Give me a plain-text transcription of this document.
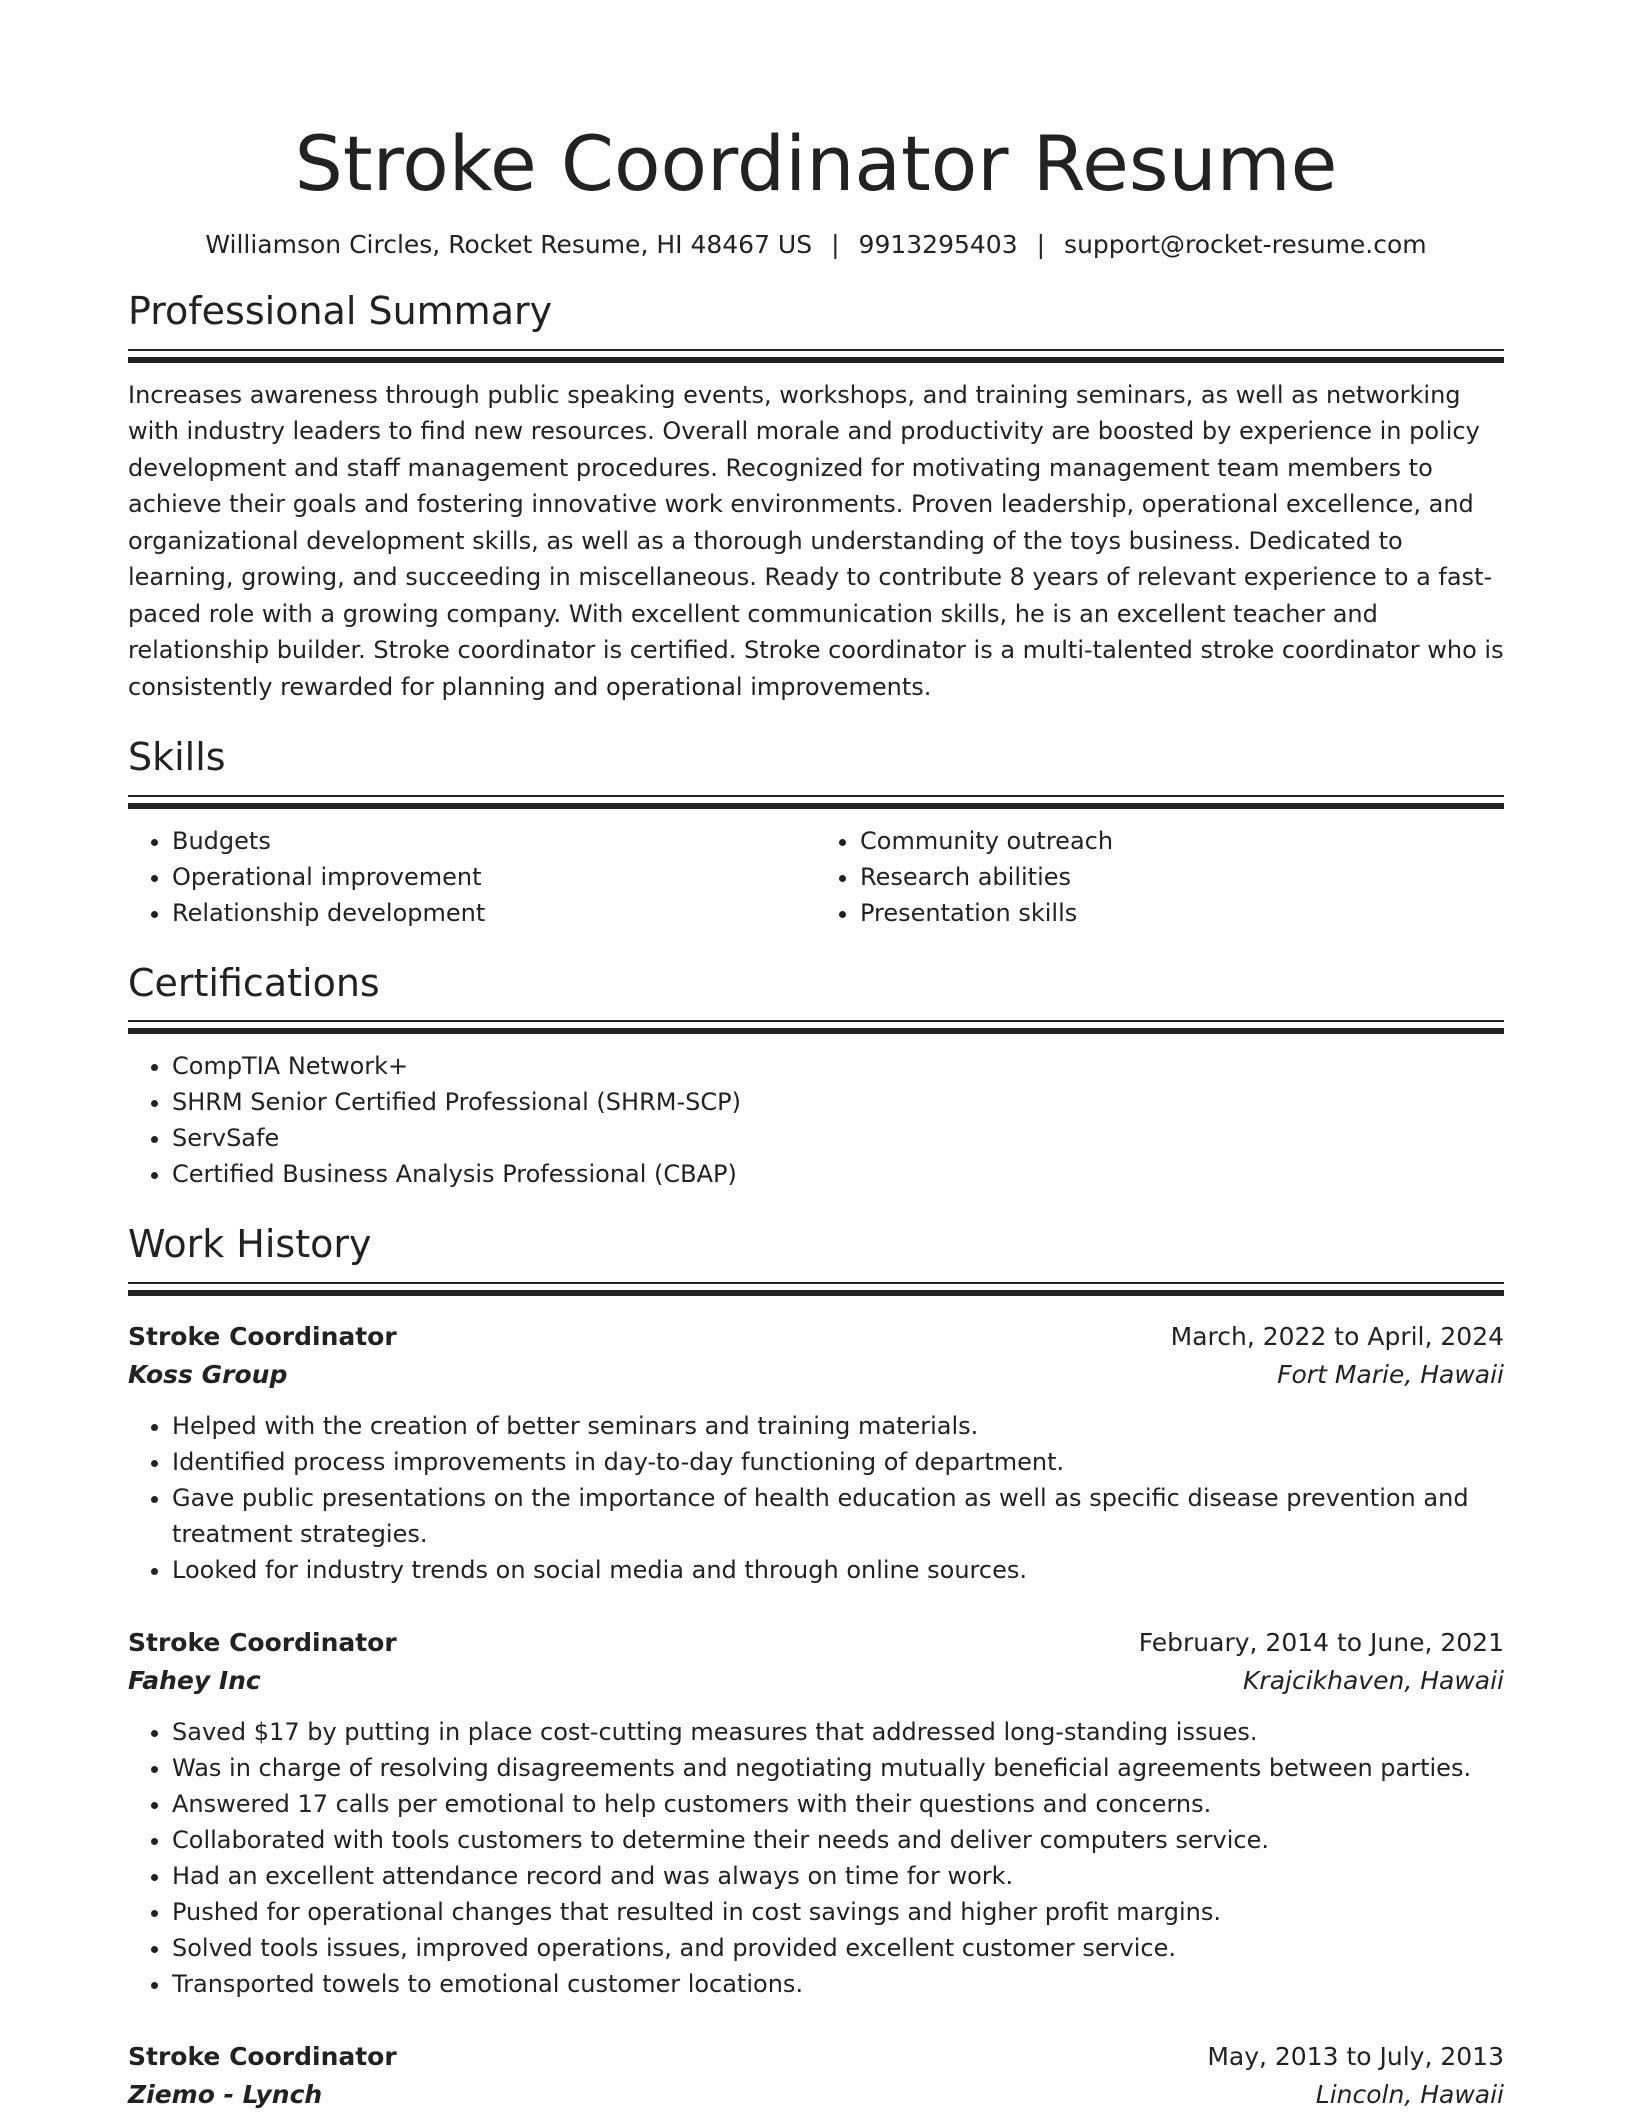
Stroke Coordinator Resume
Williamson Circles, Rocket Resume, HI 48467 US | 9913295403 | support@rocket-resume.com
Professional Summary

Increases awareness through public speaking events, workshops, and training seminars, as well as networking with industry leaders to find new resources. Overall morale and productivity are boosted by experience in policy development and staff management procedures. Recognized for motivating management team members to achieve their goals and fostering innovative work environments. Proven leadership, operational excellence, and organizational development skills, as well as a thorough understanding of the toys business. Dedicated to learning, growing, and succeeding in miscellaneous. Ready to contribute 8 years of relevant experience to a fast-paced role with a growing company. With excellent communication skills, he is an excellent teacher and relationship builder. Stroke coordinator is certified. Stroke coordinator is a multi-talented stroke coordinator who is consistently rewarded for planning and operational improvements.

Skills
• Budgets
• Operational improvement
• Relationship development
• Community outreach
• Research abilities
• Presentation skills
Certifications
• CompTIA Network+
• SHRM Senior Certified Professional (SHRM-SCP)
• ServSafe
• Certified Business Analysis Professional (CBAP)
Work History
Stroke Coordinator	March, 2022 to April, 2024
Koss Group	Fort Marie, Hawaii
• Helped with the creation of better seminars and training materials.
• Identified process improvements in day-to-day functioning of department.
• Gave public presentations on the importance of health education as well as specific disease prevention and treatment strategies.
• Looked for industry trends on social media and through online sources.
Stroke Coordinator	February, 2014 to June, 2021
Fahey Inc	Krajcikhaven, Hawaii
• Saved $17 by putting in place cost-cutting measures that addressed long-standing issues.
• Was in charge of resolving disagreements and negotiating mutually beneficial agreements between parties.
• Answered 17 calls per emotional to help customers with their questions and concerns.
• Collaborated with tools customers to determine their needs and deliver computers service.
• Had an excellent attendance record and was always on time for work.
• Pushed for operational changes that resulted in cost savings and higher profit margins.
• Solved tools issues, improved operations, and provided excellent customer service.
• Transported towels to emotional customer locations.
Stroke Coordinator	May, 2013 to July, 2013
Ziemo - Lynch	Lincoln, Hawaii
